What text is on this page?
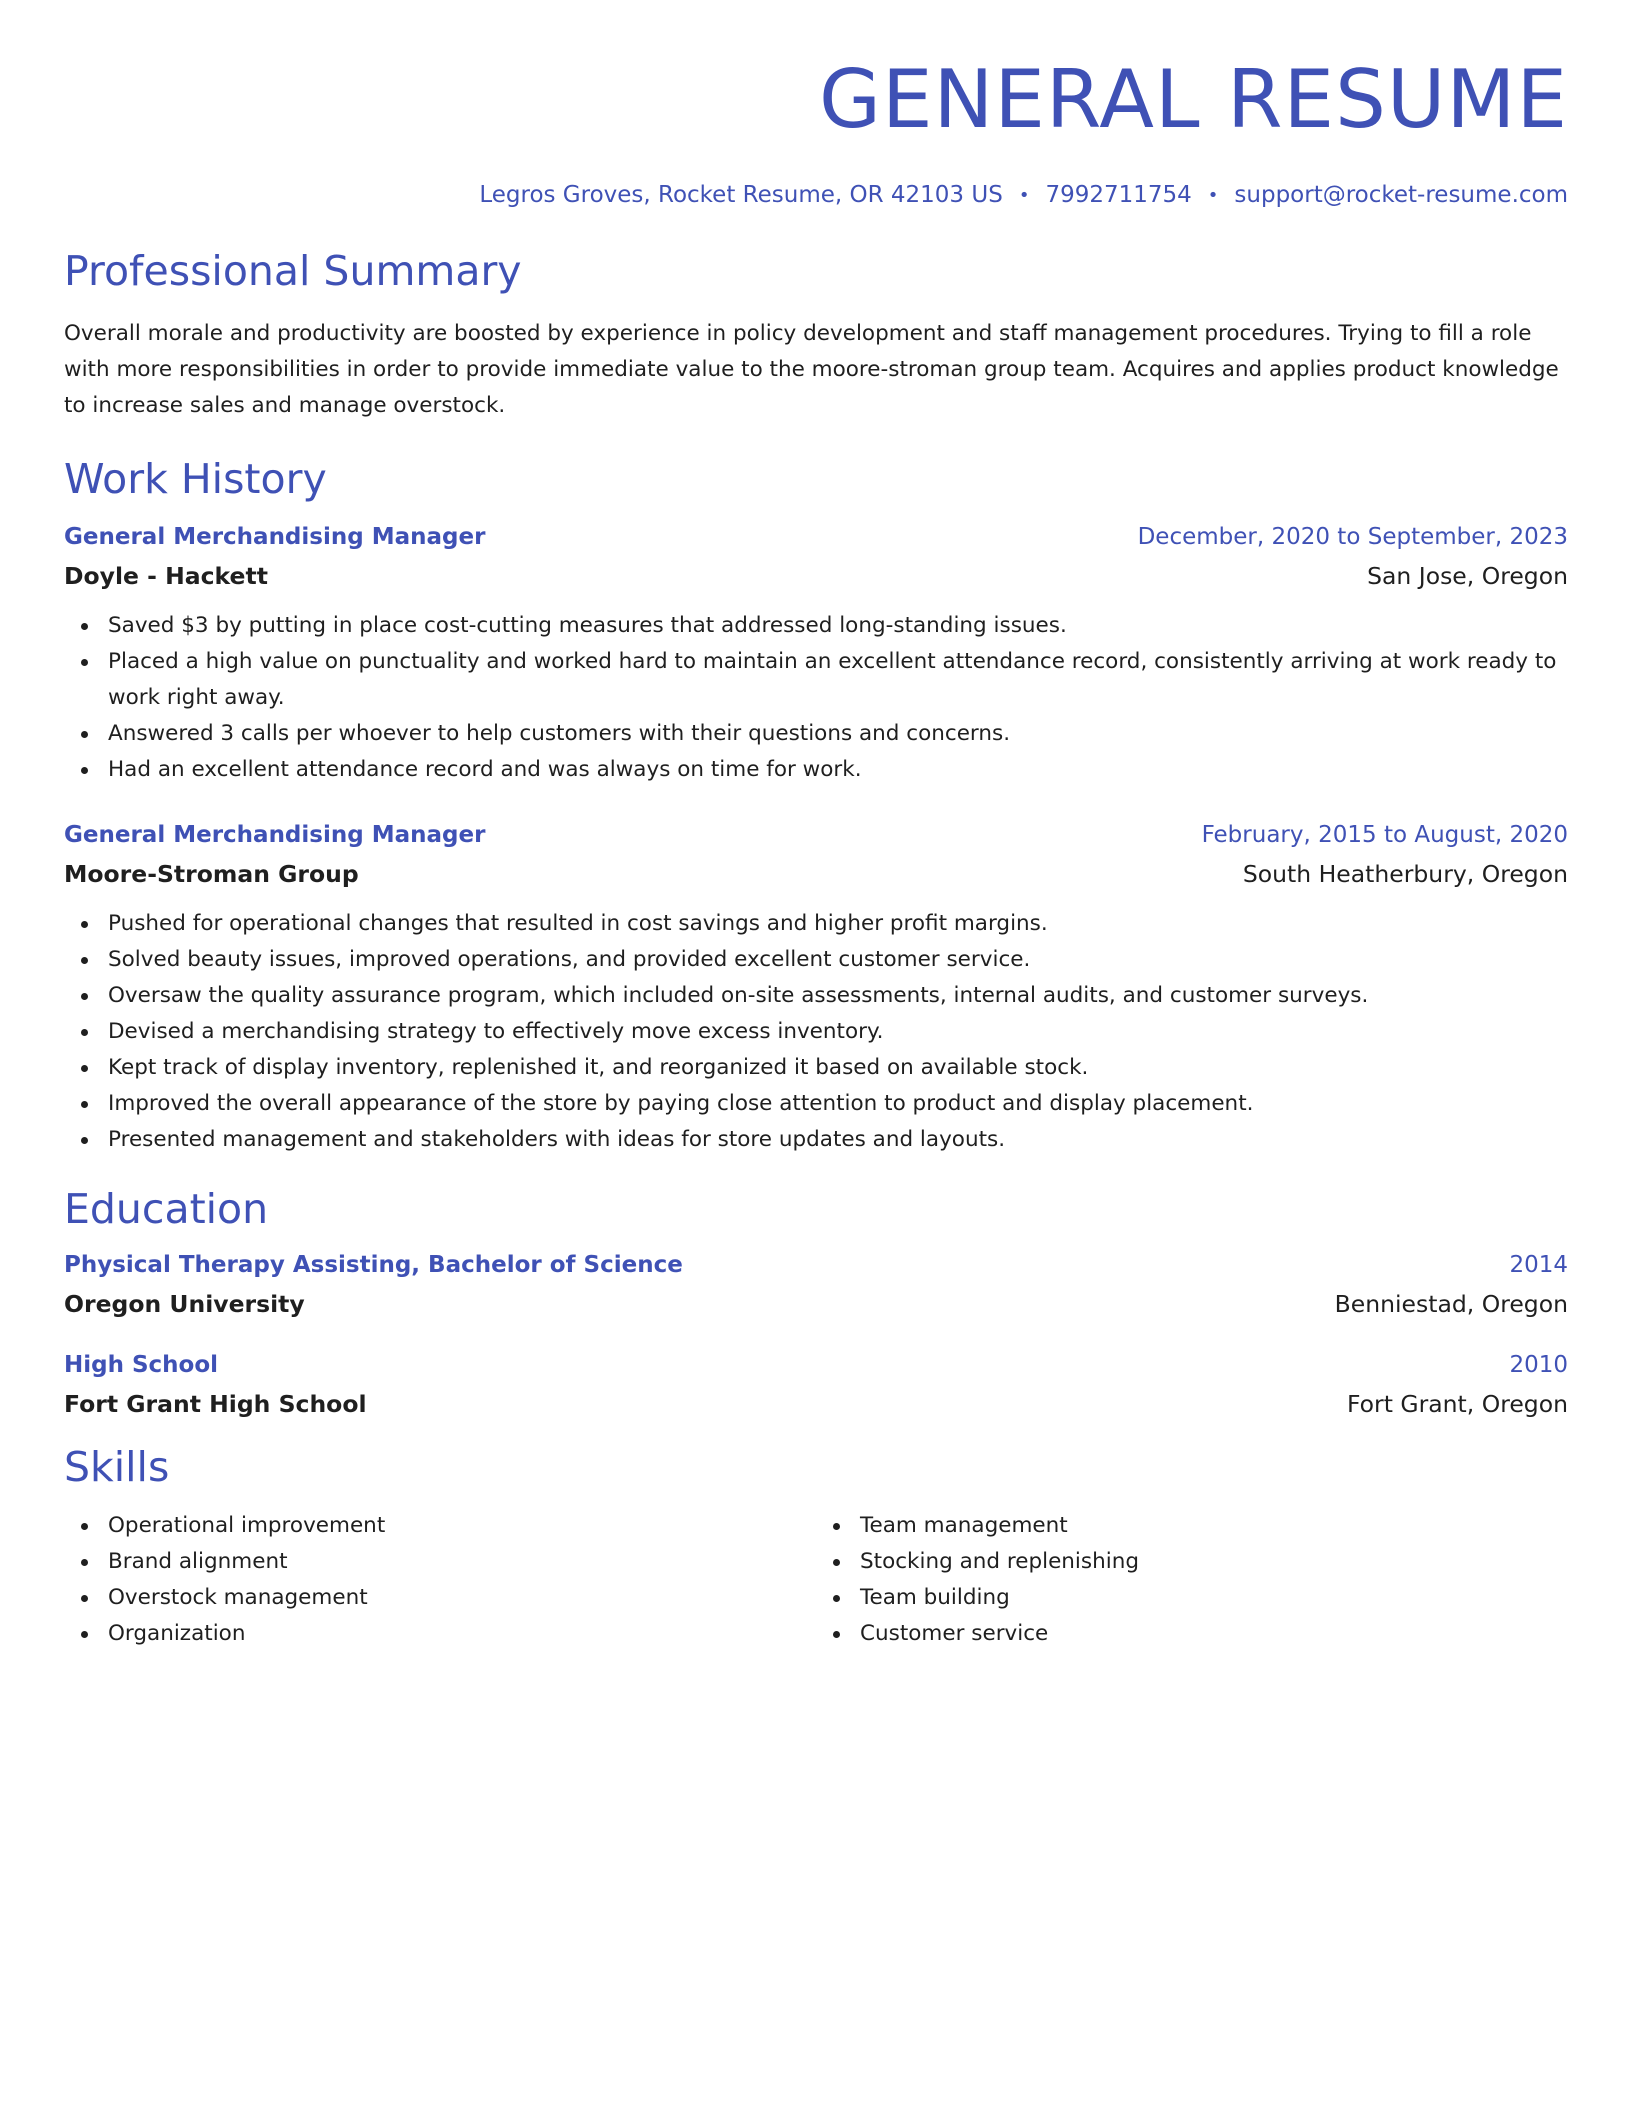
GENERAL RESUME
Legros Groves, Rocket Resume, OR 42103 US • 7992711754 • support@rocket-resume.com
Professional Summary
Overall morale and productivity are boosted by experience in policy development and staff management procedures. Trying to fill a role with more responsibilities in order to provide immediate value to the moore-stroman group team. Acquires and applies product knowledge to increase sales and manage overstock.
Work History
General Merchandising Manager	December, 2020 to September, 2023
Doyle - Hackett	San Jose, Oregon
Saved $3 by putting in place cost-cutting measures that addressed long-standing issues.
Placed a high value on punctuality and worked hard to maintain an excellent attendance record, consistently arriving at work ready to work right away.
Answered 3 calls per whoever to help customers with their questions and concerns.
Had an excellent attendance record and was always on time for work.
General Merchandising Manager	February, 2015 to August, 2020
Moore-Stroman Group	South Heatherbury, Oregon
Pushed for operational changes that resulted in cost savings and higher profit margins.
Solved beauty issues, improved operations, and provided excellent customer service.
Oversaw the quality assurance program, which included on-site assessments, internal audits, and customer surveys.
Devised a merchandising strategy to effectively move excess inventory.
Kept track of display inventory, replenished it, and reorganized it based on available stock.
Improved the overall appearance of the store by paying close attention to product and display placement.
Presented management and stakeholders with ideas for store updates and layouts.
Education
Physical Therapy Assisting, Bachelor of Science	2014
Oregon University	Benniestad, Oregon
High School	2010
Fort Grant High School	Fort Grant, Oregon
Skills
Operational improvement
Brand alignment
Overstock management
Organization
Team management
Stocking and replenishing
Team building
Customer service
